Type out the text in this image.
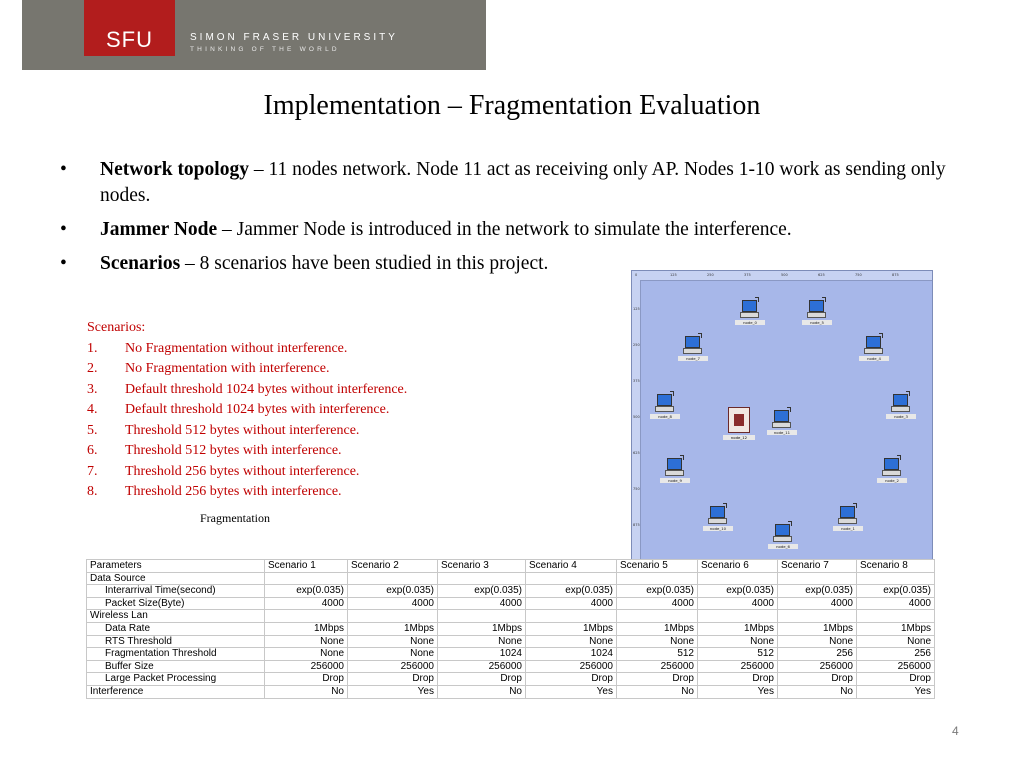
SFU	SIMON FRASER UNIVERSITY
THINKING OF THE WORLD
Implementation – Fragmentation Evaluation
• Network topology – 11 nodes network. Node 11 act as receiving only AP. Nodes 1-10 work as sending only nodes.
• Jammer Node – Jammer Node is introduced in the network to simulate the interference.
• Scenarios – 8 scenarios have been studied in this project.
Scenarios:
1. No Fragmentation without interference.
2. No Fragmentation with interference.
3. Default threshold 1024 bytes without interference.
4. Default threshold 1024 bytes with interference.
5. Threshold 512 bytes without interference.
6. Threshold 512 bytes with interference.
7. Threshold 256 bytes without interference.
8. Threshold 256 bytes with interference.
Fragmentation
0	125	250	375	500	625	750	875
125
250
375
500
625
750
875
node_0	node_5
node_7	node_4
node_8
node_11
node_3
node_9	node_2
node_10	node_1
node_6
node_12
Parameters	Scenario 1	Scenario 2	Scenario 3	Scenario 4	Scenario 5	Scenario 6	Scenario 7	Scenario 8
Data Source								
Interarrival Time(second)	exp(0.035)	exp(0.035)	exp(0.035)	exp(0.035)	exp(0.035)	exp(0.035)	exp(0.035)	exp(0.035)
Packet Size(Byte)	4000	4000	4000	4000	4000	4000	4000	4000
Wireless Lan								
Data Rate	1Mbps	1Mbps	1Mbps	1Mbps	1Mbps	1Mbps	1Mbps	1Mbps
RTS Threshold	None	None	None	None	None	None	None	None
Fragmentation Threshold	None	None	1024	1024	512	512	256	256
Buffer Size	256000	256000	256000	256000	256000	256000	256000	256000
Large Packet Processing	Drop	Drop	Drop	Drop	Drop	Drop	Drop	Drop
Interference	No	Yes	No	Yes	No	Yes	No	Yes
4
